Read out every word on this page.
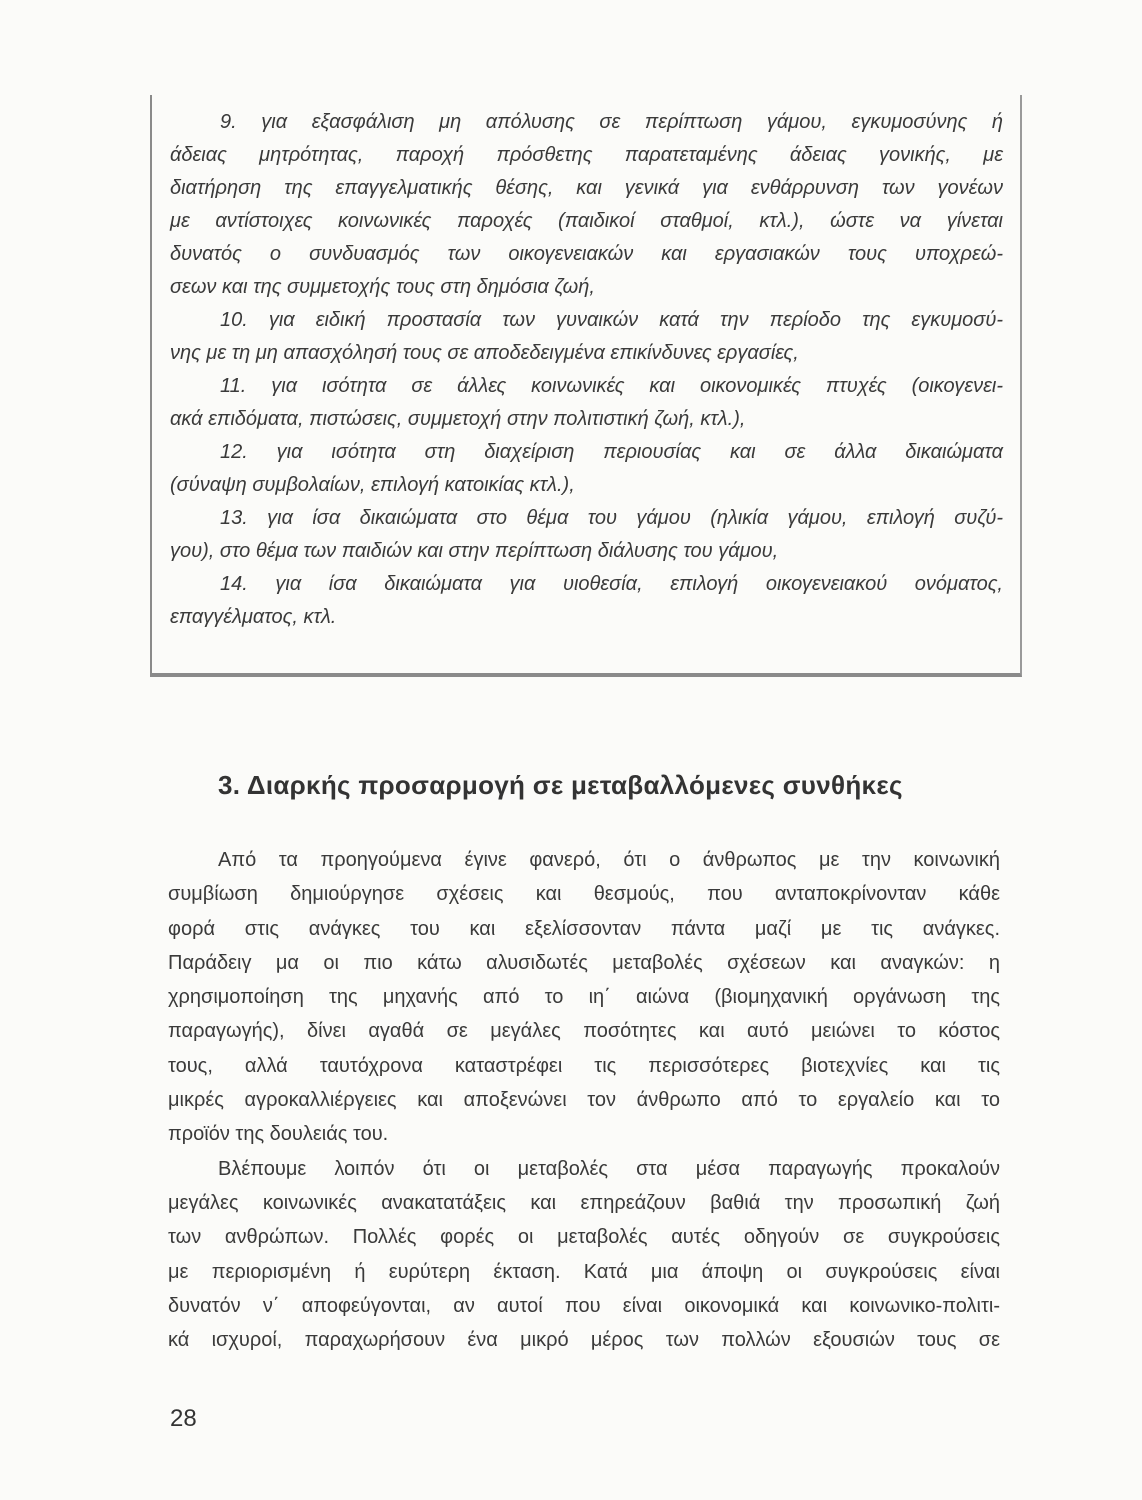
9. για εξασφάλιση μη απόλυσης σε περίπτωση γάμου, εγκυμοσύνης ή
άδειας μητρότητας, παροχή πρόσθετης παρατεταμένης άδειας γονικής, με
διατήρηση της επαγγελματικής θέσης, και γενικά για ενθάρρυνση των γονέων
με αντίστοιχες κοινωνικές παροχές (παιδικοί σταθμοί, κτλ.), ώστε να γίνεται
δυνατός ο συνδυασμός των οικογενειακών και εργασιακών τους υποχρεώ-
σεων και της συμμετοχής τους στη δημόσια ζωή,
10. για ειδική προστασία των γυναικών κατά την περίοδο της εγκυμοσύ-
νης με τη μη απασχόλησή τους σε αποδεδειγμένα επικίνδυνες εργασίες,
11. για ισότητα σε άλλες κοινωνικές και οικονομικές πτυχές (οικογενει-
ακά επιδόματα, πιστώσεις, συμμετοχή στην πολιτιστική ζωή, κτλ.),
12. για ισότητα στη διαχείριση περιουσίας και σε άλλα δικαιώματα
(σύναψη συμβολαίων, επιλογή κατοικίας κτλ.),
13. για ίσα δικαιώματα στο θέμα του γάμου (ηλικία γάμου, επιλογή συζύ-
γου), στο θέμα των παιδιών και στην περίπτωση διάλυσης του γάμου,
14. για ίσα δικαιώματα για υιοθεσία, επιλογή οικογενειακού ονόματος,
επαγγέλματος, κτλ.
3. Διαρκής προσαρμογή σε μεταβαλλόμενες συνθήκες
Από τα προηγούμενα έγινε φανερό, ότι ο άνθρωπος με την κοινωνική
συμβίωση δημιούργησε σχέσεις και θεσμούς, που ανταποκρίνονταν κάθε
φορά στις ανάγκες του και εξελίσσονταν πάντα μαζί με τις ανάγκες.
Παράδειγ μα οι πιο κάτω αλυσιδωτές μεταβολές σχέσεων και αναγκών: η
χρησιμοποίηση της μηχανής από το ιη΄ αιώνα (βιομηχανική οργάνωση της
παραγωγής), δίνει αγαθά σε μεγάλες ποσότητες και αυτό μειώνει το κόστος
τους, αλλά ταυτόχρονα καταστρέφει τις περισσότερες βιοτεχνίες και τις
μικρές αγροκαλλιέργειες και αποξενώνει τον άνθρωπο από το εργαλείο και το
προϊόν της δουλειάς του.
Βλέπουμε λοιπόν ότι οι μεταβολές στα μέσα παραγωγής προκαλούν
μεγάλες κοινωνικές ανακατατάξεις και επηρεάζουν βαθιά την προσωπική ζωή
των ανθρώπων. Πολλές φορές οι μεταβολές αυτές οδηγούν σε συγκρούσεις
με περιορισμένη ή ευρύτερη έκταση. Κατά μια άποψη οι συγκρούσεις είναι
δυνατόν ν΄ αποφεύγονται, αν αυτοί που είναι οικονομικά και κοινωνικο-πολιτι-
κά ισχυροί, παραχωρήσουν ένα μικρό μέρος των πολλών εξουσιών τους σε
28
